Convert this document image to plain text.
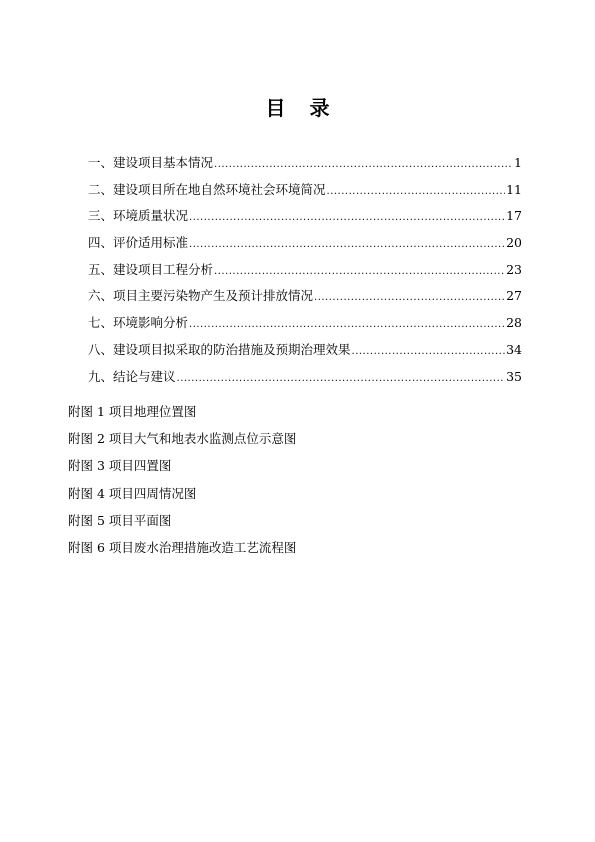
目 录
一、建设项目基本情况 .....	1
二、建设项目所在地自然环境社会环境简况 .....	11
三、环境质量状况 .....	17
四、评价适用标准 .....	20
五、建设项目工程分析 .....	23
六、项目主要污染物产生及预计排放情况 .....	27
七、环境影响分析 .....	28
八、建设项目拟采取的防治措施及预期治理效果 .....	34
九、结论与建议 .....	35
附图 1 项目地理位置图
附图 2 项目大气和地表水监测点位示意图
附图 3 项目四置图
附图 4 项目四周情况图
附图 5 项目平面图
附图 6 项目废水治理措施改造工艺流程图
